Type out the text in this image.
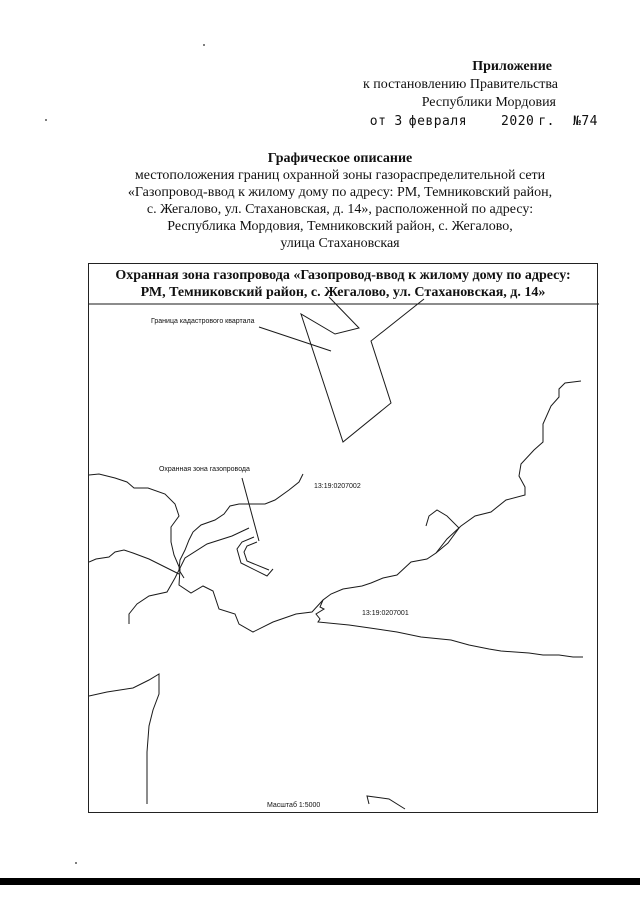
Приложение
к постановлению Правительства
Республики Мордовия
от 3 февраля	2020 г. №74
Графическое описание
местоположения границ охранной зоны газораспределительной сети
«Газопровод-ввод к жилому дому по адресу: РМ, Темниковский район,
с. Жегалово, ул. Стахановская, д. 14», расположенной по адресу:
Республика Мордовия, Темниковский район, с. Жегалово,
улица Стахановская
Охранная зона газопровода «Газопровод-ввод к жилому дому по адресу:
РМ, Темниковский район, с. Жегалово, ул. Стахановская, д. 14»
Граница кадастрового квартала
Охранная зона газопровода
13:19:0207002
13:19:0207001
Масштаб 1:5000
